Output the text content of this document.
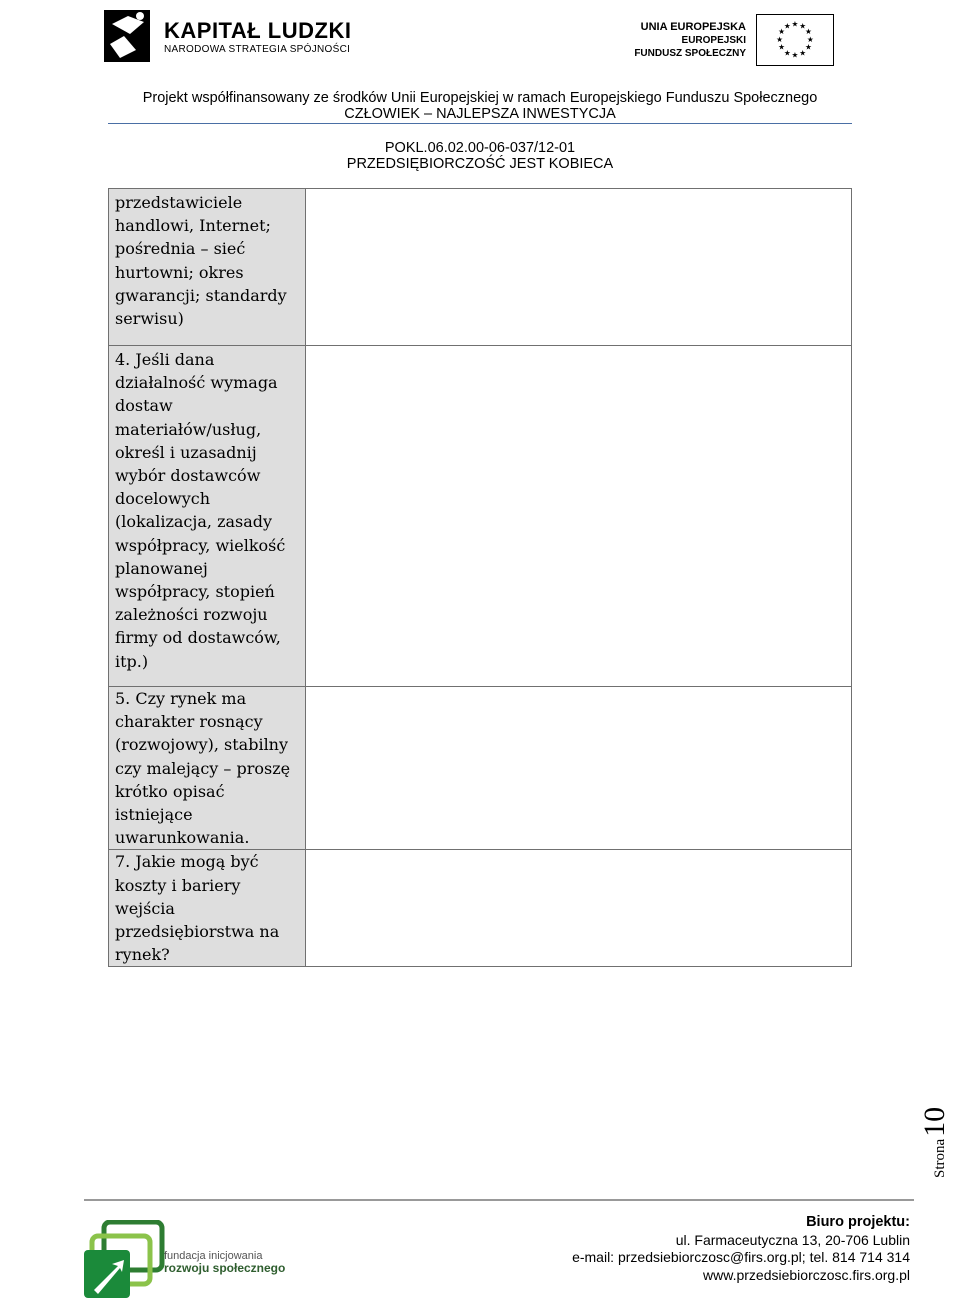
KAPITAŁ LUDZKI
NARODOWA STRATEGIA SPÓJNOŚCI
UNIA EUROPEJSKA
EUROPEJSKI
FUNDUSZ SPOŁECZNY
★ ★
★
★
★
★
★
★
★
★
★
★
Projekt współfinansowany ze środków Unii Europejskiej w ramach Europejskiego Funduszu Społecznego
CZŁOWIEK – NAJLEPSZA INWESTYCJA
POKL.06.02.00-06-037/12-01
PRZEDSIĘBIORCZOŚĆ JEST KOBIECA

przedstawiciele handlowi, Internet; pośrednia – sieć hurtowni; okres gwarancji; standardy serwisu)	

4. Jeśli dana działalność wymaga dostaw materiałów/usług, określ i uzasadnij wybór dostawców docelowych (lokalizacja, zasady współpracy, wielkość planowanej współpracy, stopień zależności rozwoju firmy od dostawców, itp.)	

5. Czy rynek ma charakter rosnący (rozwojowy), stabilny czy malejący – proszę krótko opisać istniejące uwarunkowania.	

7. Jakie mogą być koszty i bariery wejścia przedsiębiorstwa na rynek?	

Strona10
fundacja inicjowania
rozwoju społecznego
Biuro projektu:
ul. Farmaceutyczna 13, 20-706 Lublin
e-mail: przedsiebiorczosc@firs.org.pl; tel. 814 714 314
www.przedsiebiorczosc.firs.org.pl
